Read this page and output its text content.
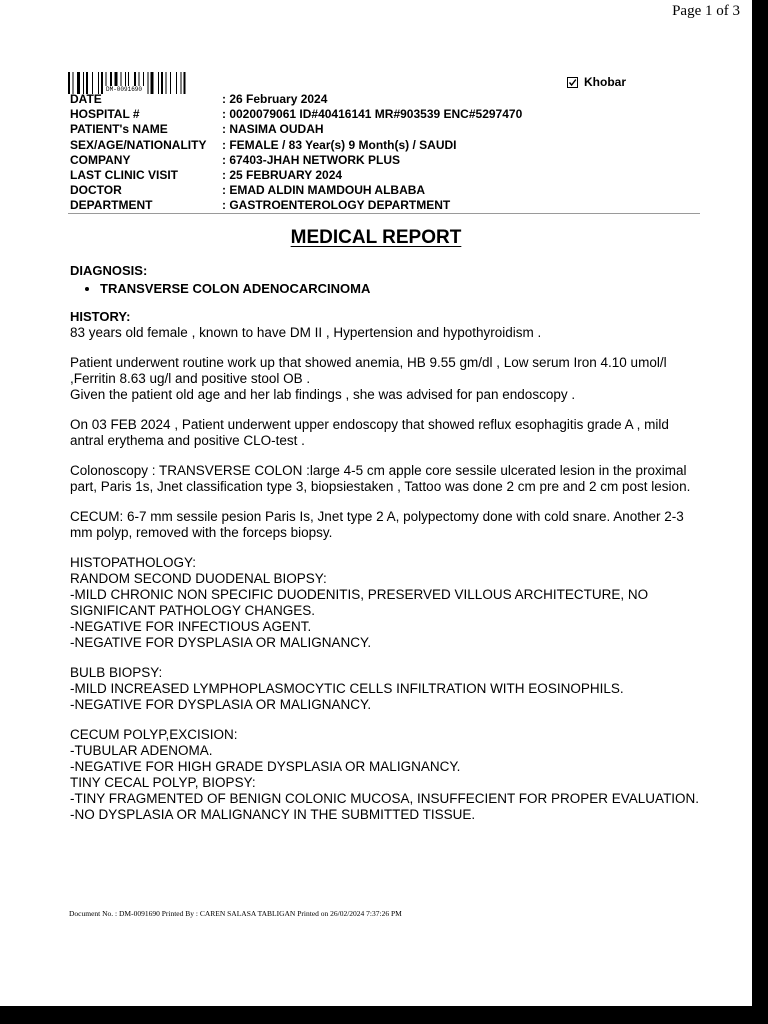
Page 1 of 3
DM-0091690
Khobar
DATE	: 26 February 2024
HOSPITAL #	: 0020079061 ID#40416141 MR#903539 ENC#5297470
PATIENT's NAME	: NASIMA OUDAH
SEX/AGE/NATIONALITY	: FEMALE / 83 Year(s) 9 Month(s) / SAUDI
COMPANY	: 67403-JHAH NETWORK PLUS
LAST CLINIC VISIT	: 25 FEBRUARY 2024
DOCTOR	: EMAD ALDIN MAMDOUH ALBABA
DEPARTMENT	: GASTROENTEROLOGY DEPARTMENT
MEDICAL REPORT
DIAGNOSIS:
• TRANSVERSE COLON ADENOCARCINOMA
HISTORY:

83 years old female , known to have DM II , Hypertension and hypothyroidism .

Patient underwent routine work up that showed anemia, HB 9.55 gm/dl , Low serum Iron 4.10 umol/l ,Ferritin 8.63 ug/l and positive stool OB .

Given the patient old age and her lab findings , she was advised for pan endoscopy .

On 03 FEB 2024 , Patient underwent upper endoscopy that showed reflux esophagitis grade A , mild antral erythema and positive CLO-test .

Colonoscopy : TRANSVERSE COLON :large 4-5 cm apple core sessile ulcerated lesion in the proximal part, Paris 1s, Jnet classification type 3, biopsiestaken , Tattoo was done 2 cm pre and 2 cm post lesion.

CECUM: 6-7 mm sessile pesion Paris Is, Jnet type 2 A, polypectomy done with cold snare. Another 2-3 mm polyp, removed with the forceps biopsy.

HISTOPATHOLOGY:

RANDOM SECOND DUODENAL BIOPSY:

-MILD CHRONIC NON SPECIFIC DUODENITIS, PRESERVED VILLOUS ARCHITECTURE, NO SIGNIFICANT PATHOLOGY CHANGES.

-NEGATIVE FOR INFECTIOUS AGENT.

-NEGATIVE FOR DYSPLASIA OR MALIGNANCY.

BULB BIOPSY:

-MILD INCREASED LYMPHOPLASMOCYTIC CELLS INFILTRATION WITH EOSINOPHILS.

-NEGATIVE FOR DYSPLASIA OR MALIGNANCY.

CECUM POLYP,EXCISION:

-TUBULAR ADENOMA.

-NEGATIVE FOR HIGH GRADE DYSPLASIA OR MALIGNANCY.

TINY CECAL POLYP, BIOPSY:

-TINY FRAGMENTED OF BENIGN COLONIC MUCOSA, INSUFFECIENT FOR PROPER EVALUATION.

-NO DYSPLASIA OR MALIGNANCY IN THE SUBMITTED TISSUE.

Document No. : DM-0091690 Printed By : CAREN SALASA TABLIGAN Printed on 26/02/2024 7:37:26 PM
